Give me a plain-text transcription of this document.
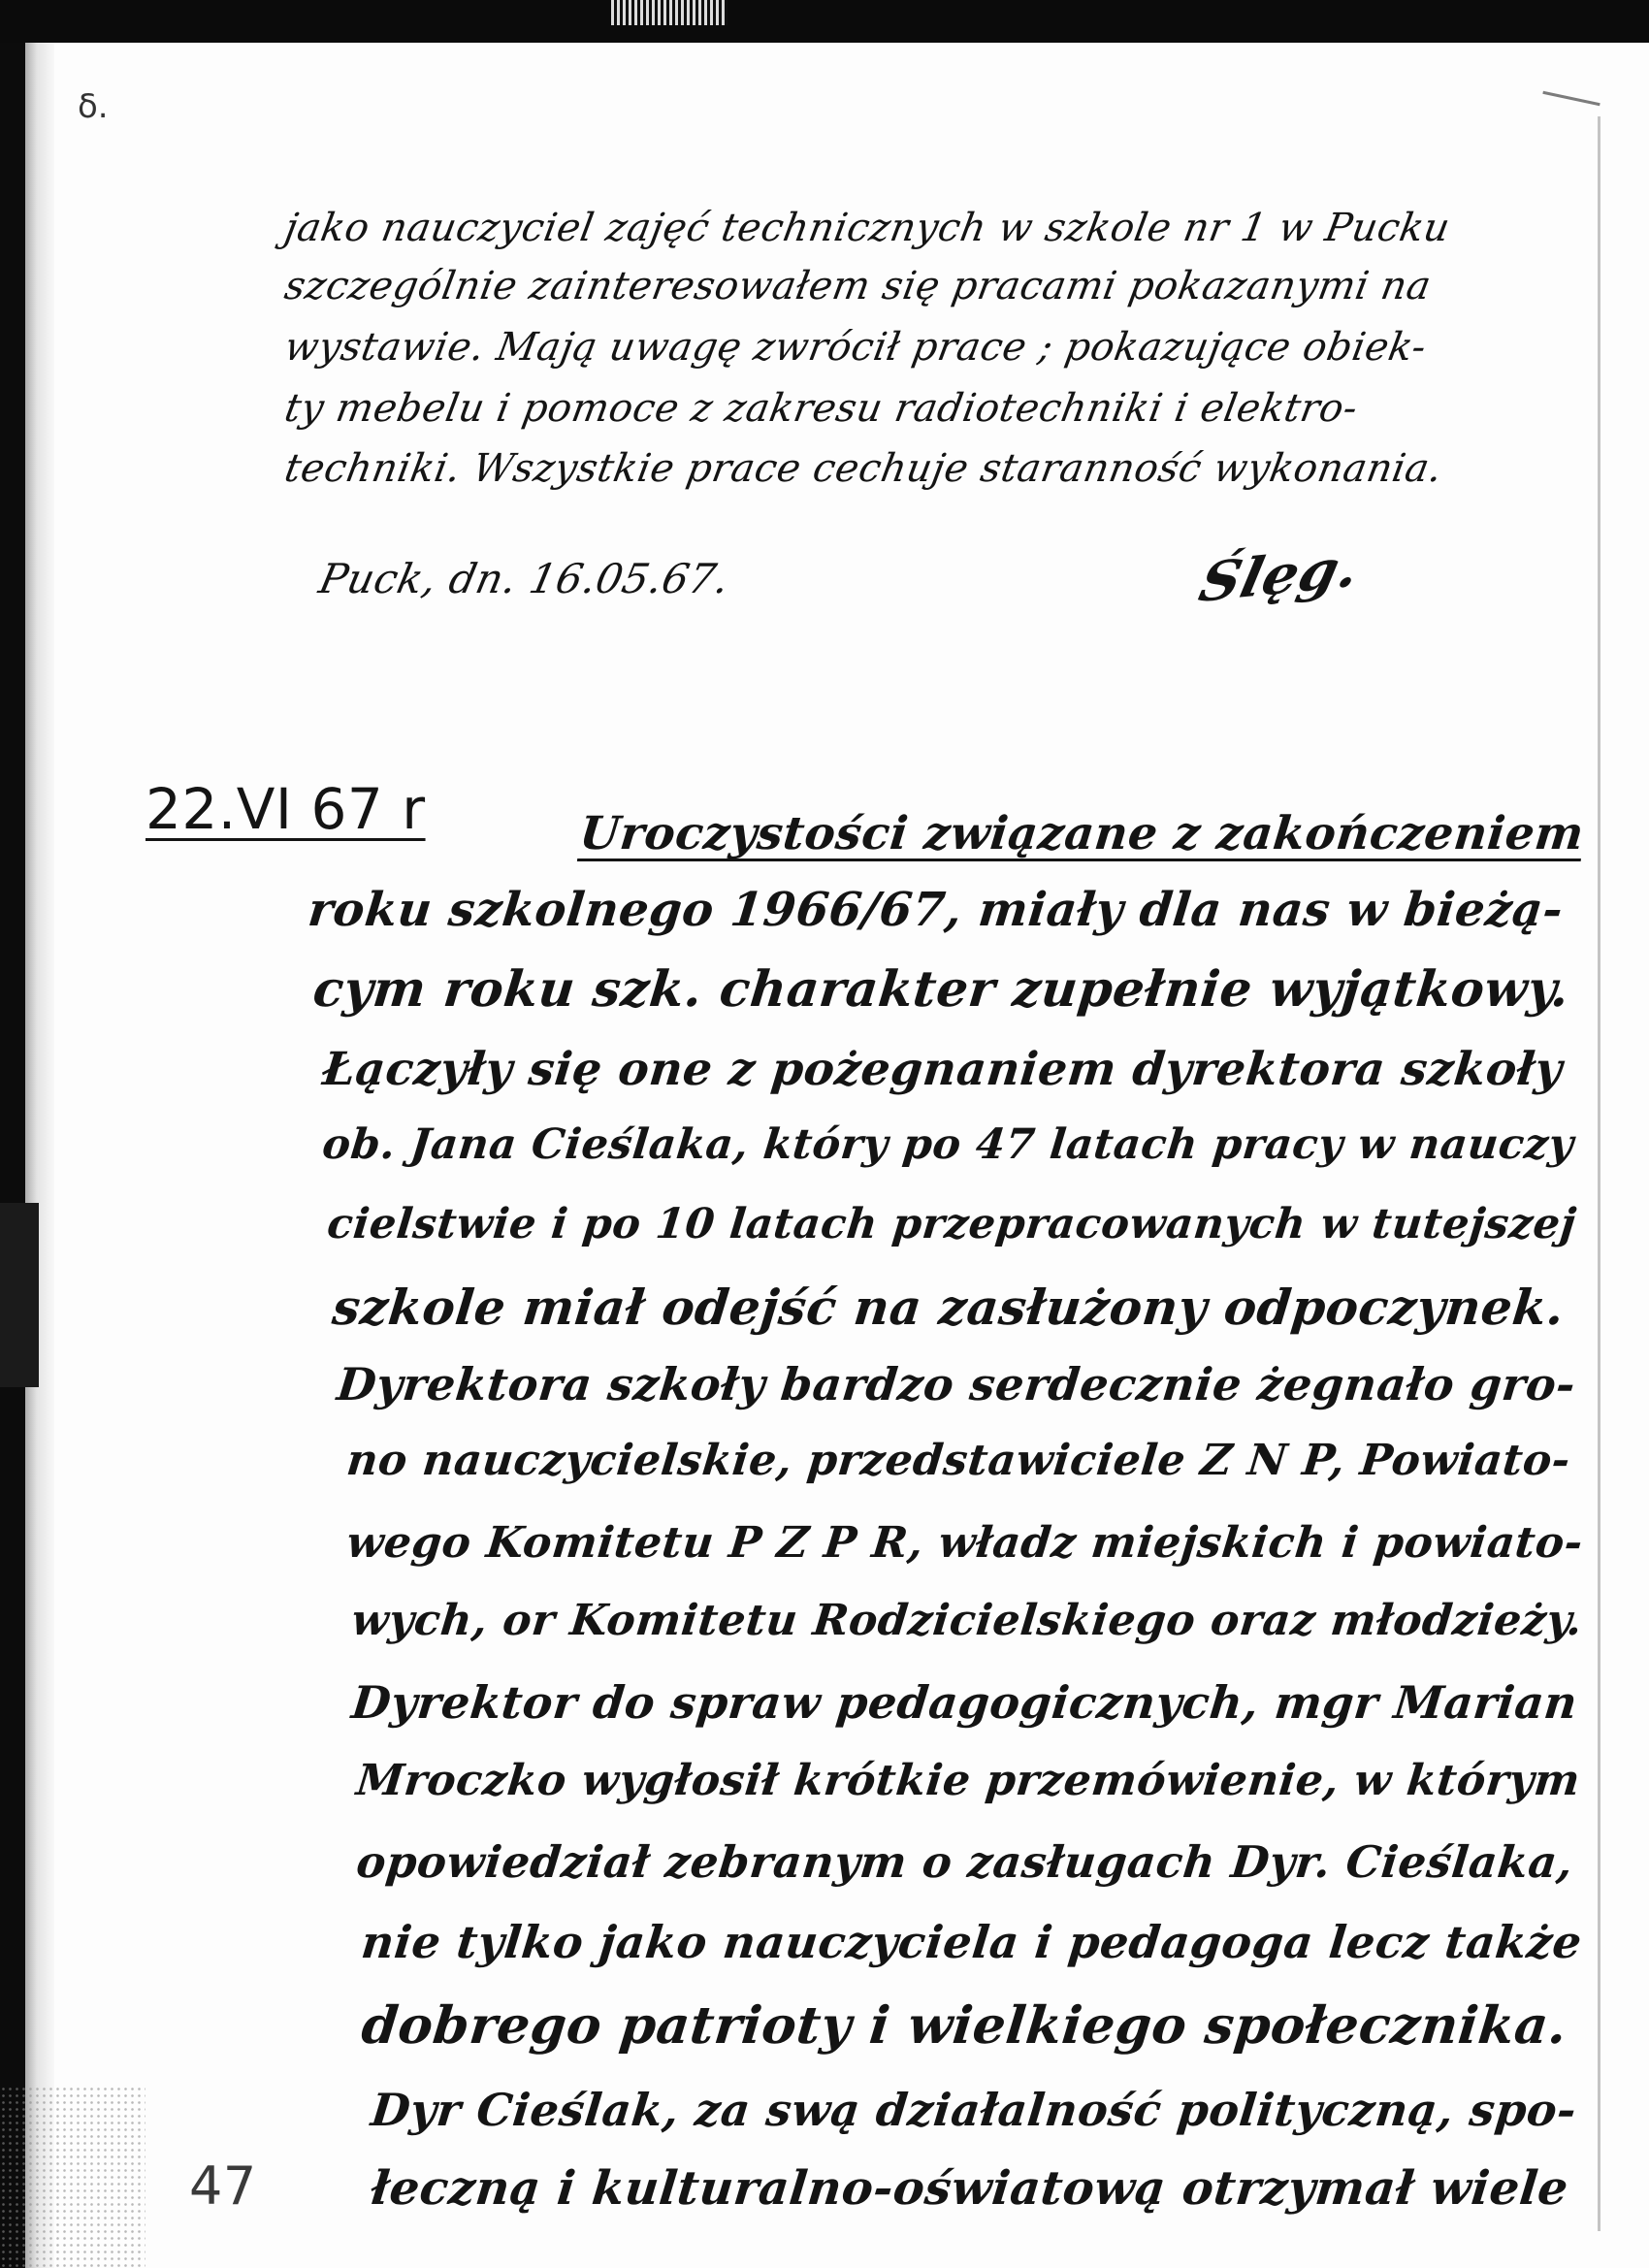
ẟ.
jako nauczyciel zajęć technicznych w szkole nr 1 w Pucku
szczególnie zainteresowałem się pracami pokazanymi na
wystawie. Mają uwagę zwrócił prace ; pokazujące obiek-
ty mebelu i pomoce z zakresu radiotechniki i elektro-
techniki. Wszystkie prace cechuje staranność wykonania.
Puck, dn. 16.05.67.	Ślęg.
22.VI 67 r	Uroczystości związane z zakończeniem
roku szkolnego 1966/67, miały dla nas w bieżą-
cym roku szk. charakter zupełnie wyjątkowy.
Łączyły się one z pożegnaniem dyrektora szkoły
ob. Jana Cieślaka, który po 47 latach pracy w nauczy
cielstwie i po 10 latach przepracowanych w tutejszej
szkole miał odejść na zasłużony odpoczynek.
Dyrektora szkoły bardzo serdecznie żegnało gro-
no nauczycielskie, przedstawiciele Z N P, Powiato-
wego Komitetu P Z P R, władz miejskich i powiato-
wych, or Komitetu Rodzicielskiego oraz młodzieży.
Dyrektor do spraw pedagogicznych, mgr Marian
Mroczko wygłosił krótkie przemówienie, w którym
opowiedział zebranym o zasługach Dyr. Cieślaka,
nie tylko jako nauczyciela i pedagoga lecz także
dobrego patrioty i wielkiego społecznika.
Dyr Cieślak, za swą działalność polityczną, spo-
łeczną i kulturalno-oświatową otrzymał wiele
47
